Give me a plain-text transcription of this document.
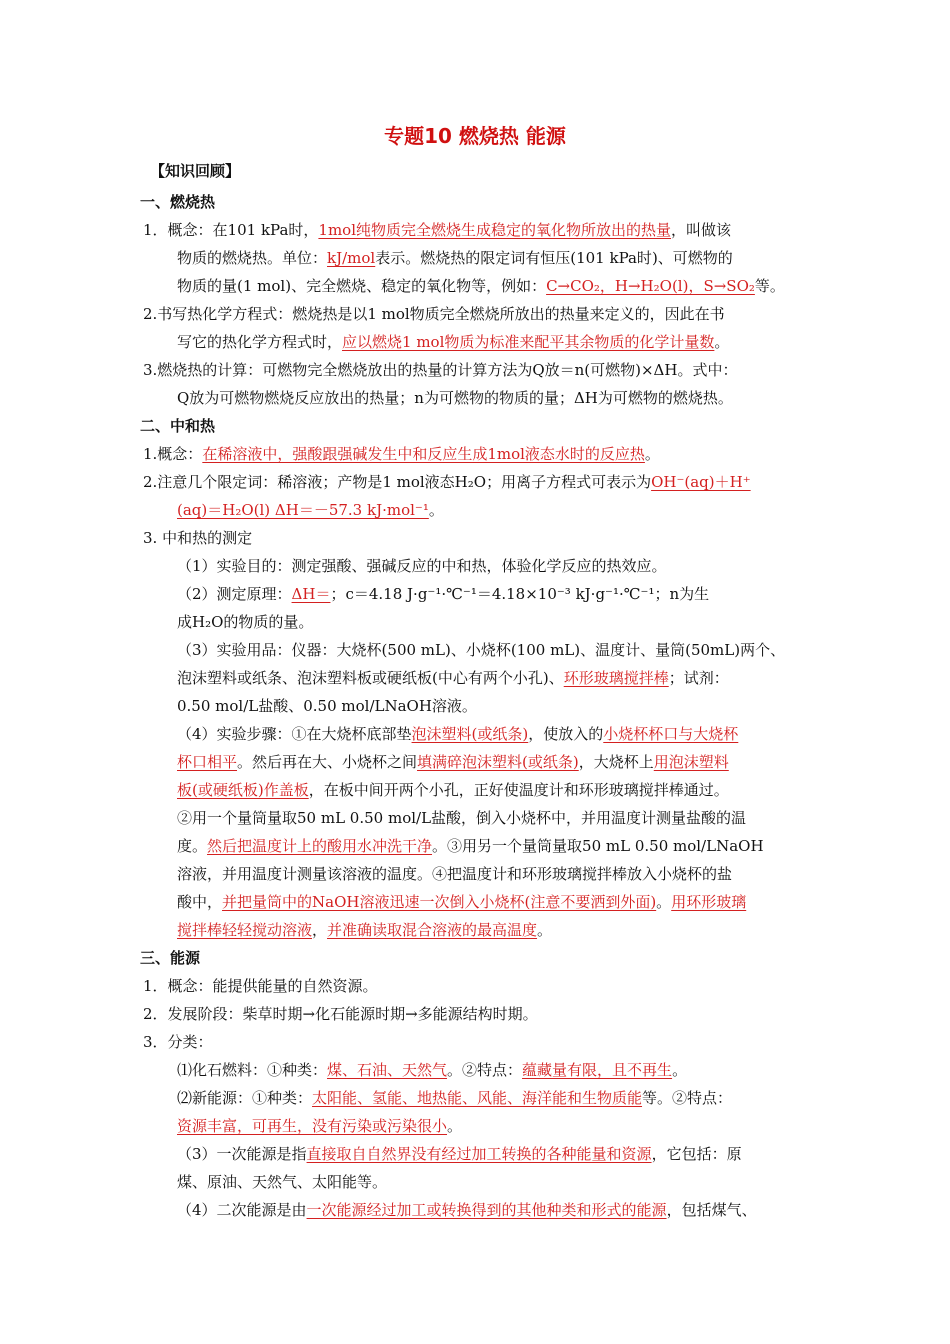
专题10 燃烧热 能源
【知识回顾】
一、燃烧热
1．概念：在101 kPa时，1mol纯物质完全燃烧生成稳定的氧化物所放出的热量，叫做该
物质的燃烧热。单位：kJ/mol表示。燃烧热的限定词有恒压(101 kPa时)、可燃物的
物质的量(1 mol)、完全燃烧、稳定的氧化物等，例如：C→CO₂，H→H₂O(l)，S→SO₂等。
2.书写热化学方程式：燃烧热是以1 mol物质完全燃烧所放出的热量来定义的，因此在书
写它的热化学方程式时，应以燃烧1 mol物质为标准来配平其余物质的化学计量数。
3.燃烧热的计算：可燃物完全燃烧放出的热量的计算方法为Q放＝n(可燃物)×ΔH。式中：
Q放为可燃物燃烧反应放出的热量；n为可燃物的物质的量；ΔH为可燃物的燃烧热。
二、中和热
1.概念：在稀溶液中，强酸跟强碱发生中和反应生成1mol液态水时的反应热。
2.注意几个限定词：稀溶液；产物是1 mol液态H₂O；用离子方程式可表示为OH⁻(aq)＋H⁺
(aq)＝H₂O(l) ΔH＝－57.3 kJ·mol⁻¹。
3. 中和热的测定
（1）实验目的：测定强酸、强碱反应的中和热，体验化学反应的热效应。
（2）测定原理：ΔH＝；c＝4.18 J·g⁻¹·℃⁻¹＝4.18×10⁻³ kJ·g⁻¹·℃⁻¹；n为生
成H₂O的物质的量。
（3）实验用品：仪器：大烧杯(500 mL)、小烧杯(100 mL)、温度计、量筒(50mL)两个、
泡沫塑料或纸条、泡沫塑料板或硬纸板(中心有两个小孔)、环形玻璃搅拌棒；试剂：
0.50 mol/L盐酸、0.50 mol/LNaOH溶液。
（4）实验步骤：①在大烧杯底部垫泡沫塑料(或纸条)，使放入的小烧杯杯口与大烧杯
杯口相平。然后再在大、小烧杯之间填满碎泡沫塑料(或纸条)，大烧杯上用泡沫塑料
板(或硬纸板)作盖板，在板中间开两个小孔，正好使温度计和环形玻璃搅拌棒通过。
②用一个量筒量取50 mL 0.50 mol/L盐酸，倒入小烧杯中，并用温度计测量盐酸的温
度。然后把温度计上的酸用水冲洗干净。③用另一个量筒量取50 mL 0.50 mol/LNaOH
溶液，并用温度计测量该溶液的温度。④把温度计和环形玻璃搅拌棒放入小烧杯的盐
酸中，并把量筒中的NaOH溶液迅速一次倒入小烧杯(注意不要洒到外面)。用环形玻璃
搅拌棒轻轻搅动溶液，并准确读取混合溶液的最高温度。
三、能源
1．概念：能提供能量的自然资源。
2．发展阶段：柴草时期→化石能源时期→多能源结构时期。
3．分类：
⑴化石燃料：①种类：煤、石油、天然气。②特点：蕴藏量有限，且不再生。
⑵新能源：①种类：太阳能、氢能、地热能、风能、海洋能和生物质能等。②特点：
资源丰富，可再生，没有污染或污染很小。
（3）一次能源是指直接取自自然界没有经过加工转换的各种能量和资源，它包括：原
煤、原油、天然气、太阳能等。
（4）二次能源是由一次能源经过加工或转换得到的其他种类和形式的能源，包括煤气、
